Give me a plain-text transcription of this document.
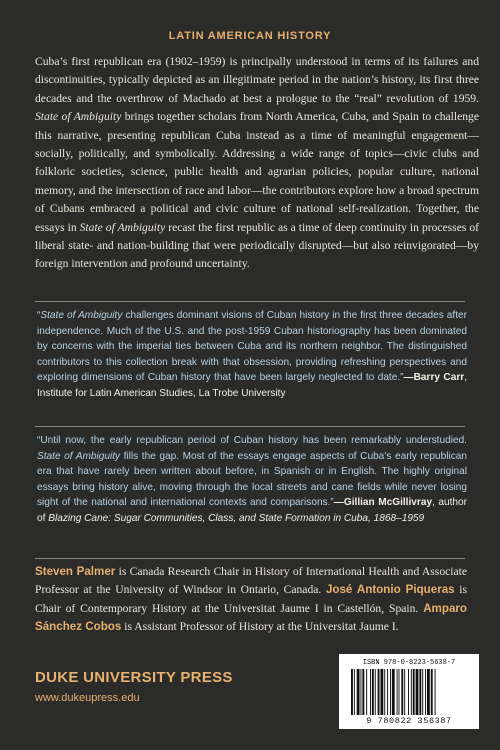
LATIN AMERICAN HISTORY
Cuba’s first republican era (1902–1959) is principally understood in terms of its failures and discontinuities, typically depicted as an illegitimate period in the nation’s history, its first three decades and the overthrow of Machado at best a prologue to the “real” revolution of 1959. State of Ambiguity brings together scholars from North America, Cuba, and Spain to challenge this narrative, presenting republican Cuba instead as a time of meaningful engagement—socially, politically, and symbolically. Addressing a wide range of topics—civic clubs and folkloric societies, science, public health and agrarian policies, popular culture, national memory, and the intersection of race and labor—the contributors explore how a broad spectrum of Cubans embraced a political and civic culture of national self-realization. Together, the essays in State of Ambiguity recast the first republic as a time of deep continuity in processes of liberal state- and nation-building that were periodically disrupted—but also reinvigorated—by foreign intervention and profound uncertainty.
“State of Ambiguity challenges dominant visions of Cuban history in the first three decades after independence. Much of the U.S. and the post-1959 Cuban historiography has been dominated by concerns with the imperial ties between Cuba and its northern neighbor. The distinguished contributors to this collection break with that obsession, providing refreshing perspectives and exploring dimensions of Cuban history that have been largely neglected to date.”—Barry Carr, Institute for Latin American Studies, La Trobe University
“Until now, the early republican period of Cuban history has been remarkably understudied. State of Ambiguity fills the gap. Most of the essays engage aspects of Cuba’s early republican era that have rarely been written about before, in Spanish or in English. The highly original essays bring history alive, moving through the local streets and cane fields while never losing sight of the national and international contexts and comparisons.”—Gillian McGillivray, author of Blazing Cane: Sugar Communities, Class, and State Formation in Cuba, 1868–1959
Steven Palmer is Canada Research Chair in History of International Health and Associate Professor at the University of Windsor in Ontario, Canada. José Antonio Piqueras is Chair of Contemporary History at the Universitat Jaume I in Castellón, Spain. Amparo Sánchez Cobos is Assistant Professor of History at the Universitat Jaume I.
DUKE UNIVERSITY PRESS
www.dukeupress.edu
ISBN 978-0-8223-5638-7
9 780822 356387
